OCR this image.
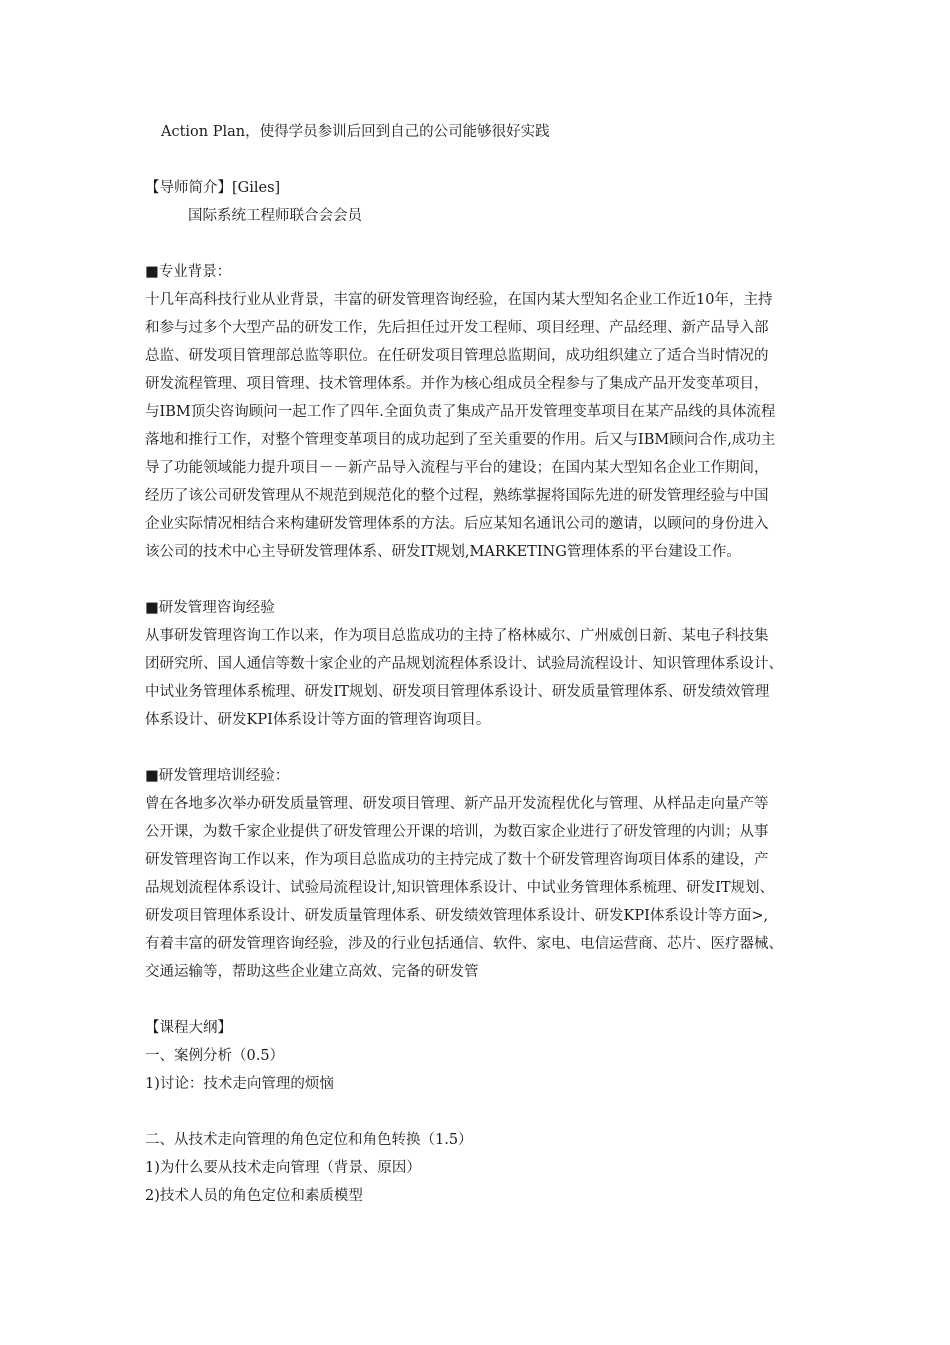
Action Plan，使得学员参训后回到自己的公司能够很好实践
【导师简介】[Giles]
国际系统工程师联合会会员
■专业背景：
十几年高科技行业从业背景，丰富的研发管理咨询经验，在国内某大型知名企业工作近10年，主持
和参与过多个大型产品的研发工作，先后担任过开发工程师、项目经理、产品经理、新产品导入部
总监、研发项目管理部总监等职位。在任研发项目管理总监期间，成功组织建立了适合当时情况的
研发流程管理、项目管理、技术管理体系。并作为核心组成员全程参与了集成产品开发变革项目，
与IBM顶尖咨询顾问一起工作了四年.全面负责了集成产品开发管理变革项目在某产品线的具体流程
落地和推行工作，对整个管理变革项目的成功起到了至关重要的作用。后又与IBM顾问合作,成功主
导了功能领域能力提升项目－－新产品导入流程与平台的建设；在国内某大型知名企业工作期间，
经历了该公司研发管理从不规范到规范化的整个过程，熟练掌握将国际先进的研发管理经验与中国
企业实际情况相结合来构建研发管理体系的方法。后应某知名通讯公司的邀请，以顾问的身份进入
该公司的技术中心主导研发管理体系、研发IT规划,MARKETING管理体系的平台建设工作。
■研发管理咨询经验
从事研发管理咨询工作以来，作为项目总监成功的主持了格林威尔、广州威创日新、某电子科技集
团研究所、国人通信等数十家企业的产品规划流程体系设计、试验局流程设计、知识管理体系设计、
中试业务管理体系梳理、研发IT规划、研发项目管理体系设计、研发质量管理体系、研发绩效管理
体系设计、研发KPI体系设计等方面的管理咨询项目。
■研发管理培训经验：
曾在各地多次举办研发质量管理、研发项目管理、新产品开发流程优化与管理、从样品走向量产等
公开课，为数千家企业提供了研发管理公开课的培训，为数百家企业进行了研发管理的内训；从事
研发管理咨询工作以来，作为项目总监成功的主持完成了数十个研发管理咨询项目体系的建设，产
品规划流程体系设计、试验局流程设计,知识管理体系设计、中试业务管理体系梳理、研发IT规划、
研发项目管理体系设计、研发质量管理体系、研发绩效管理体系设计、研发KPI体系设计等方面>,
有着丰富的研发管理咨询经验，涉及的行业包括通信、软件、家电、电信运营商、芯片、医疗器械、
交通运输等，帮助这些企业建立高效、完备的研发管
【课程大纲】
一、案例分析（0.5）
1)讨论：技术走向管理的烦恼
二、从技术走向管理的角色定位和角色转换（1.5）
1)为什么要从技术走向管理（背景、原因）
2)技术人员的角色定位和素质模型
